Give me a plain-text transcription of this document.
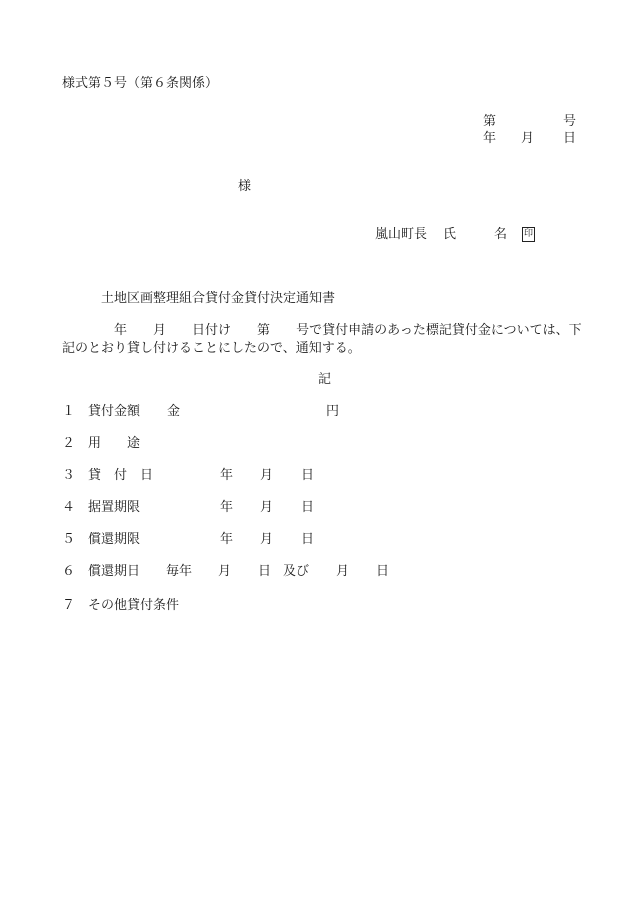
様式第５号（第６条関係）
第	号
年 月 日
様
嵐山町長 氏	名	印
土地区画整理組合貸付金貸付決定通知書
年 月 日付け 第 号で貸付申請のあった標記貸付金については、下記のとおり貸し付けることにしたので、通知する。
記
１ 貸付金額 金	円
２ 用　　途
３ 貸　付　日	年 月 日
４ 据置期限	年 月 日
５ 償還期限	年 月 日
６ 償還期日 毎年 月 日 及び 月 日
７ その他貸付条件
